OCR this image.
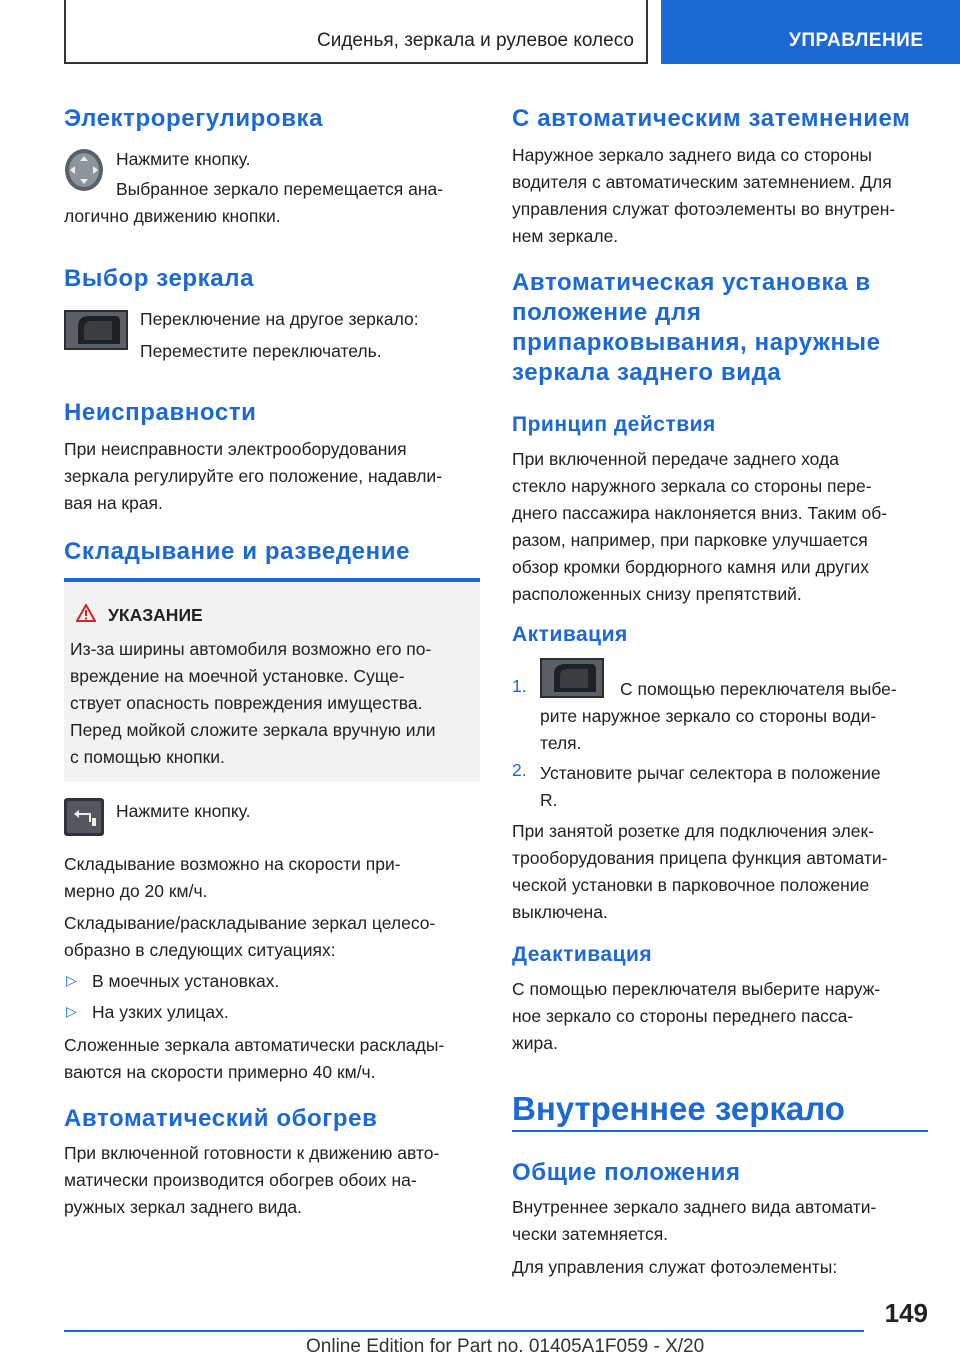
Сиденья, зеркала и рулевое колесо	УПРАВЛЕНИЕ
Электрорегулировка

Нажмите кнопку.

Выбранное зеркало перемещается ана-

логично движению кнопки.

Выбор зеркала

Переключение на другое зеркало:

Переместите переключатель.

Неисправности

При неисправности электрооборудования

зеркала регулируйте его положение, надавли-

вая на края.

Складывание и разведение

УКАЗАНИЕ

Из-за ширины автомобиля возможно его по-

вреждение на моечной установке. Суще-

ствует опасность повреждения имущества.

Перед мойкой сложите зеркала вручную или

с помощью кнопки.

Нажмите кнопку.

Складывание возможно на скорости при-

мерно до 20 км/ч.

Складывание/раскладывание зеркал целесо-

образно в следующих ситуациях:

▷ В моечных установках.

▷ На узких улицах.

Сложенные зеркала автоматически расклады-

ваются на скорости примерно 40 км/ч.

Автоматический обогрев

При включенной готовности к движению авто-

матически производится обогрев обоих на-

ружных зеркал заднего вида.

С автоматическим затемнением

Наружное зеркало заднего вида со стороны

водителя с автоматическим затемнением. Для

управления служат фотоэлементы во внутрен-

нем зеркале.

Автоматическая установка в
положение для
припарковывания, наружные
зеркала заднего вида
Принцип действия

При включенной передаче заднего хода

стекло наружного зеркала со стороны пере-

днего пассажира наклоняется вниз. Таким об-

разом, например, при парковке улучшается

обзор кромки бордюрного камня или других

расположенных снизу препятствий.

Активация
1.	С помощью переключателя выбе-

рите наружное зеркало со стороны води-

теля.

2. Установите рычаг селектора в положение

R.

При занятой розетке для подключения элек-

трооборудования прицепа функция автомати-

ческой установки в парковочное положение

выключена.

Деактивация

С помощью переключателя выберите наруж-

ное зеркало со стороны переднего пасса-

жира.

Внутреннее зеркало
Общие положения

Внутреннее зеркало заднего вида автомати-

чески затемняется.

Для управления служат фотоэлементы:

149
Online Edition for Part no. 01405A1F059 - X/20
